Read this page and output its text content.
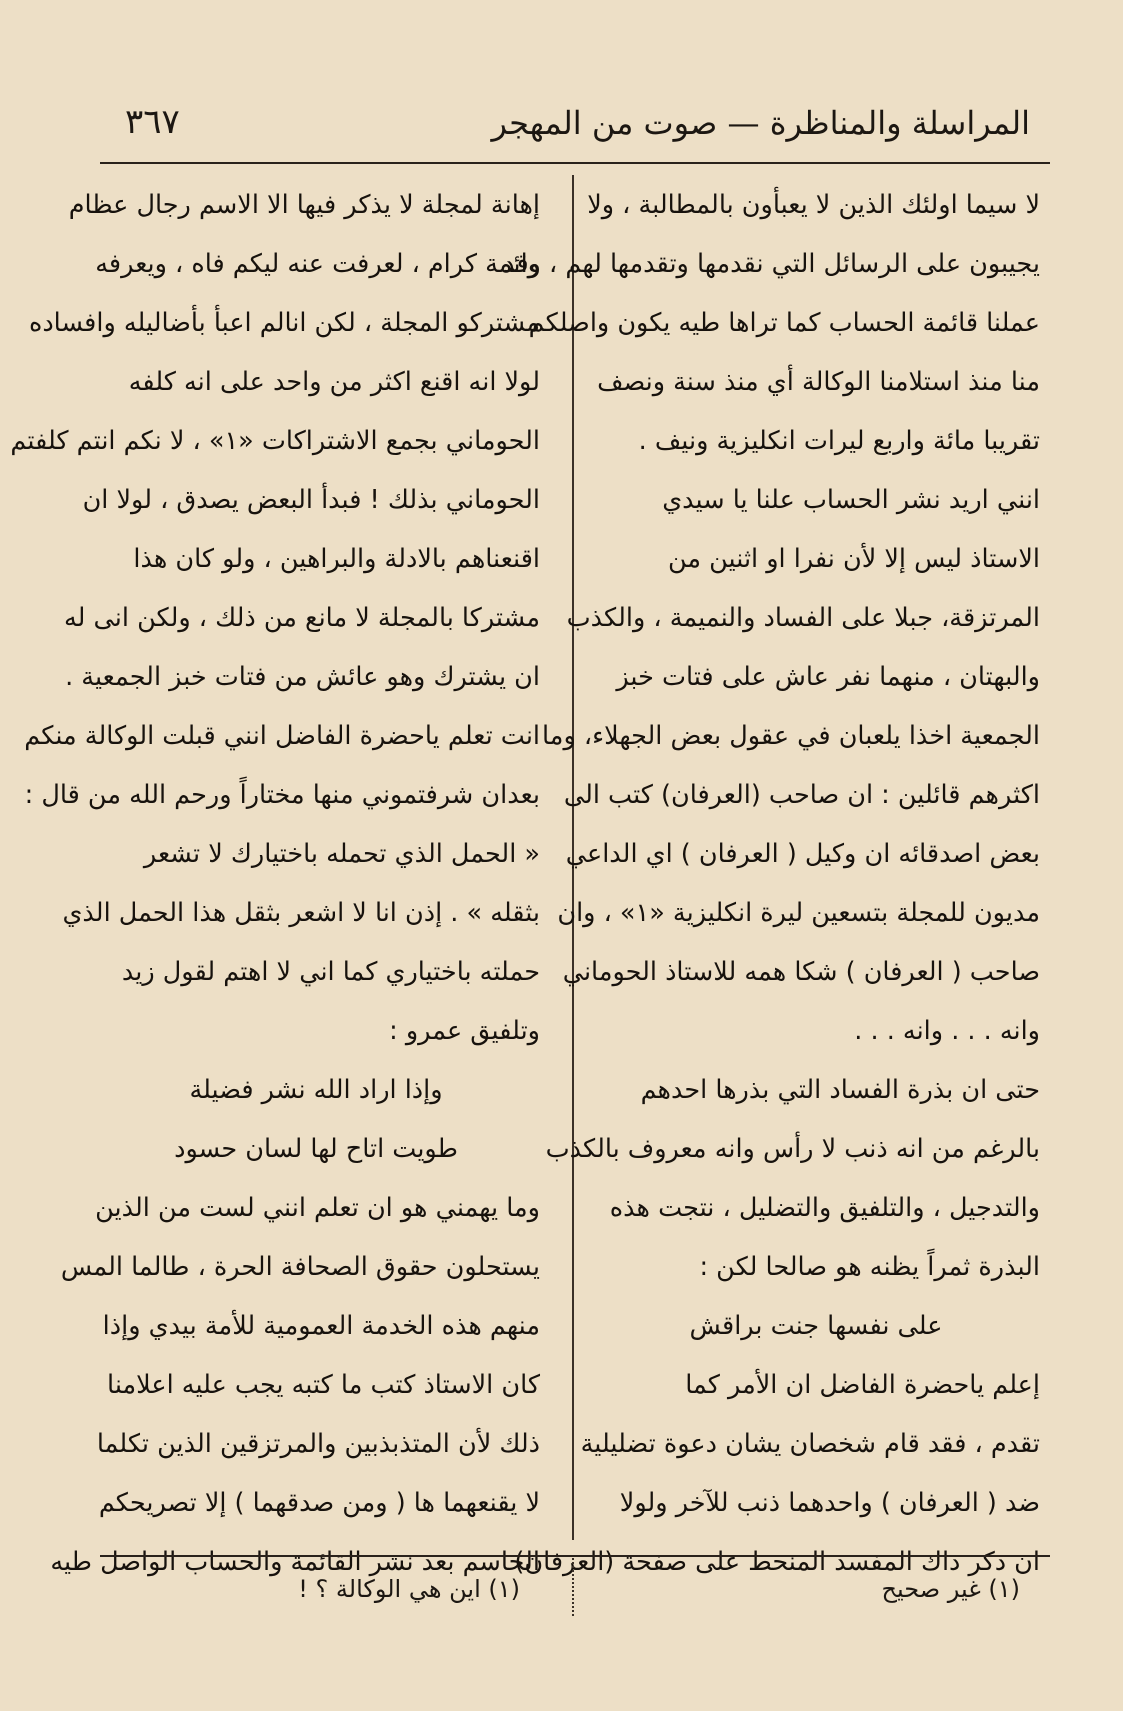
٣٦٧	المراسلة والمناظرة — صوت من المهجر
لا سيما اولئك الذين لا يعبأون بالمطالبة ، ولا
يجيبون على الرسائل التي نقدمها وتقدمها لهم ، وقد
عملنا قائمة الحساب كما تراها طيه يكون واصلكم
منا منذ استلامنا الوكالة أي منذ سنة ونصف
تقريبا مائة واربع ليرات انكليزية ونيف .
انني اريد نشر الحساب علنا يا سيدي
الاستاذ ليس إلا لأن نفرا او اثنين من
المرتزقة، جبلا على الفساد والنميمة ، والكذب
والبهتان ، منهما نفر عاش على فتات خبز
الجمعية اخذا يلعبان في عقول بعض الجهلاء، وما
اكثرهم قائلين : ان صاحب (العرفان) كتب الى
بعض اصدقائه ان وكيل ( العرفان ) اي الداعي
مديون للمجلة بتسعين ليرة انكليزية «١» ، وان
صاحب ( العرفان ) شكا همه للاستاذ الحوماني
وانه . . . وانه . . .
حتى ان بذرة الفساد التي بذرها احدهم
بالرغم من انه ذنب لا رأس وانه معروف بالكذب
والتدجيل ، والتلفيق والتضليل ، نتجت هذه
البذرة ثمراً يظنه هو صالحا لكن :
على نفسها جنت براقش
إعلم ياحضرة الفاضل ان الأمر كما
تقدم ، فقد قام شخصان يشان دعوة تضليلية
ضد ( العرفان ) واحدهما ذنب للآخر ولولا
ان ذكر ذاك المفسد المنحط على صفحة (العرفان)
إهانة لمجلة لا يذكر فيها الا الاسم رجال عظام
وائمة كرام ، لعرفت عنه ليكم فاه ، ويعرفه
مشتركو المجلة ، لكن انالم اعبأ بأضاليله وافساده
لولا انه اقنع اكثر من واحد على انه كلفه
الحوماني بجمع الاشتراكات «١» ، لا نكم انتم كلفتم
الحوماني بذلك ! فبدأ البعض يصدق ، لولا ان
اقنعناهم بالادلة والبراهين ، ولو كان هذا
مشتركا بالمجلة لا مانع من ذلك ، ولكن انى له
ان يشترك وهو عائش من فتات خبز الجمعية .
انت تعلم ياحضرة الفاضل انني قبلت الوكالة منكم
بعدان شرفتموني منها مختاراً ورحم الله من قال :
« الحمل الذي تحمله باختيارك لا تشعر
بثقله » . إذن انا لا اشعر بثقل هذا الحمل الذي
حملته باختياري كما اني لا اهتم لقول زيد
وتلفيق عمرو :
وإذا اراد الله نشر فضيلة
طويت اتاح لها لسان حسود
وما يهمني هو ان تعلم انني لست من الذين
يستحلون حقوق الصحافة الحرة ، طالما المس
منهم هذه الخدمة العمومية للأمة بيدي وإذا
كان الاستاذ كتب ما كتبه يجب عليه اعلامنا
ذلك لأن المتذبذبين والمرتزقين الذين تكلما
لا يقنعهما ها ( ومن صدقهما ) إلا تصريحكم
الحاسم بعد نشر القائمة والحساب الواصل طيه
(١) غير صحيح
(١) اين هي الوكالة ؟ !
